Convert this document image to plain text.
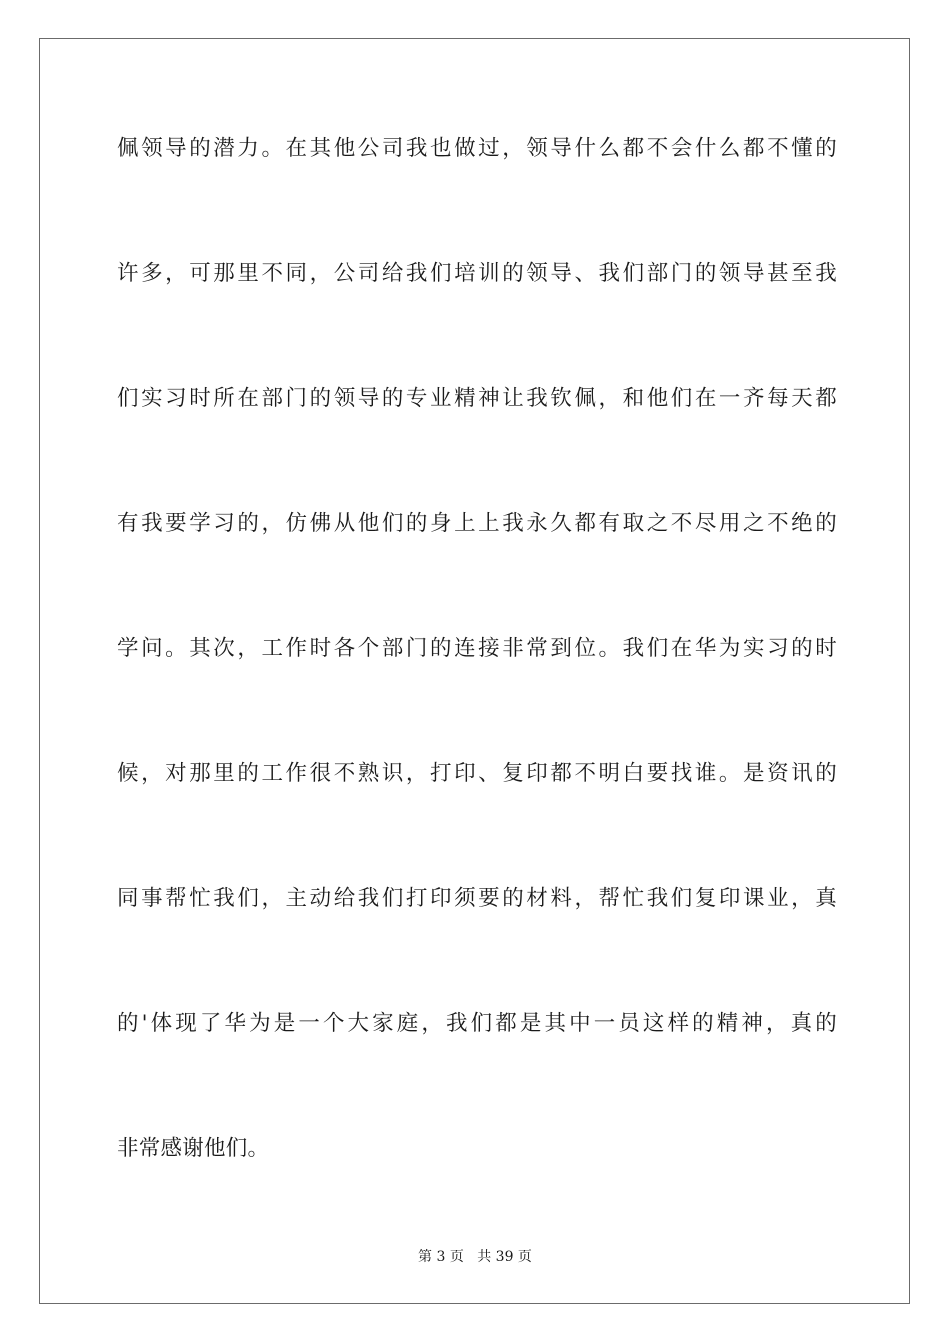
佩领导的潜力。在其他公司我也做过，领导什么都不会什么都不懂的
许多，可那里不同，公司给我们培训的领导、我们部门的领导甚至我
们实习时所在部门的领导的专业精神让我钦佩，和他们在一齐每天都
有我要学习的，仿佛从他们的身上上我永久都有取之不尽用之不绝的
学问。其次，工作时各个部门的连接非常到位。我们在华为实习的时
候，对那里的工作很不熟识，打印、复印都不明白要找谁。是资讯的
同事帮忙我们，主动给我们打印须要的材料，帮忙我们复印课业，真
的'体现了华为是一个大家庭，我们都是其中一员这样的精神，真的
非常感谢他们。
第 3 页 共 39 页
